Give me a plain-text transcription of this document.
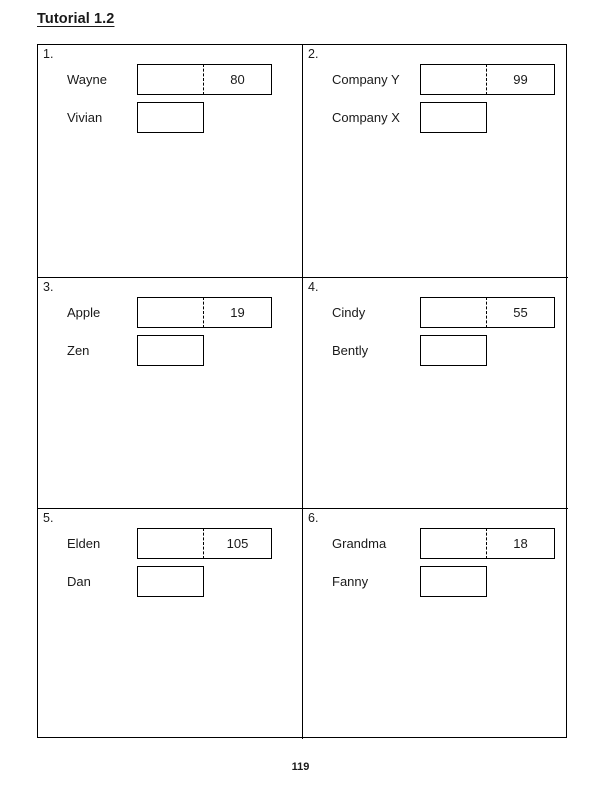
Tutorial 1.2
1.
Wayne	80
Vivian
2.
Company Y	99
Company X
3.
Apple	19
Zen
4.
Cindy	55
Bently
5.
Elden	105
Dan
6.
Grandma	18
Fanny
119
